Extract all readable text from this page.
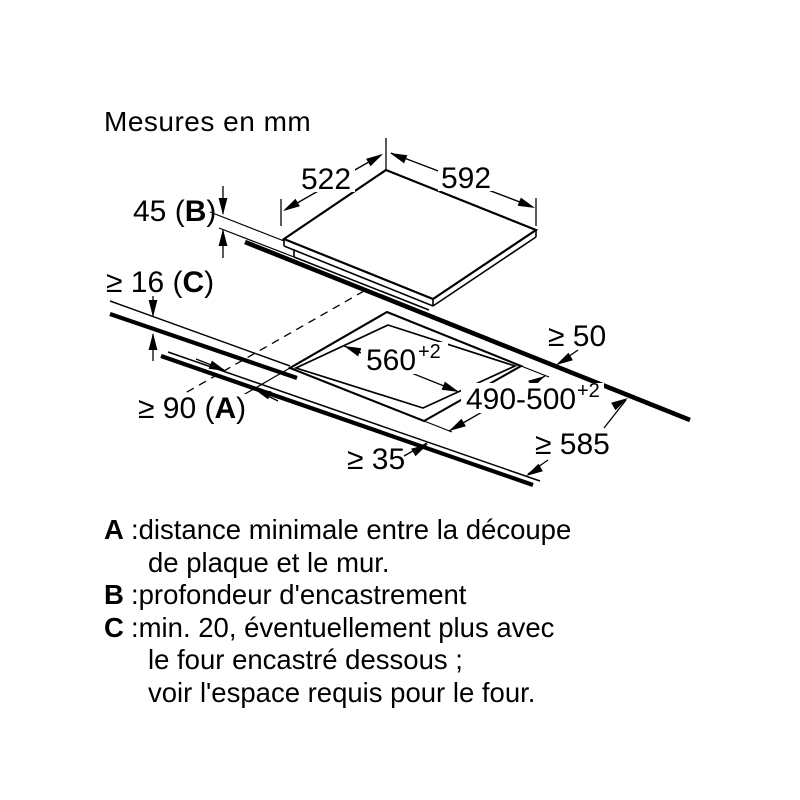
Mesures en mm
522	592
45 (B)
≥ 16 (C)
≥ 90 (A)
560 +2
490-500 +2
≥ 50
≥ 585
≥ 35
A :distance minimale entre la découpe
de plaque et le mur.
B :profondeur d'encastrement
C :min. 20, éventuellement plus avec
le four encastré dessous ;
voir l'espace requis pour le four.
